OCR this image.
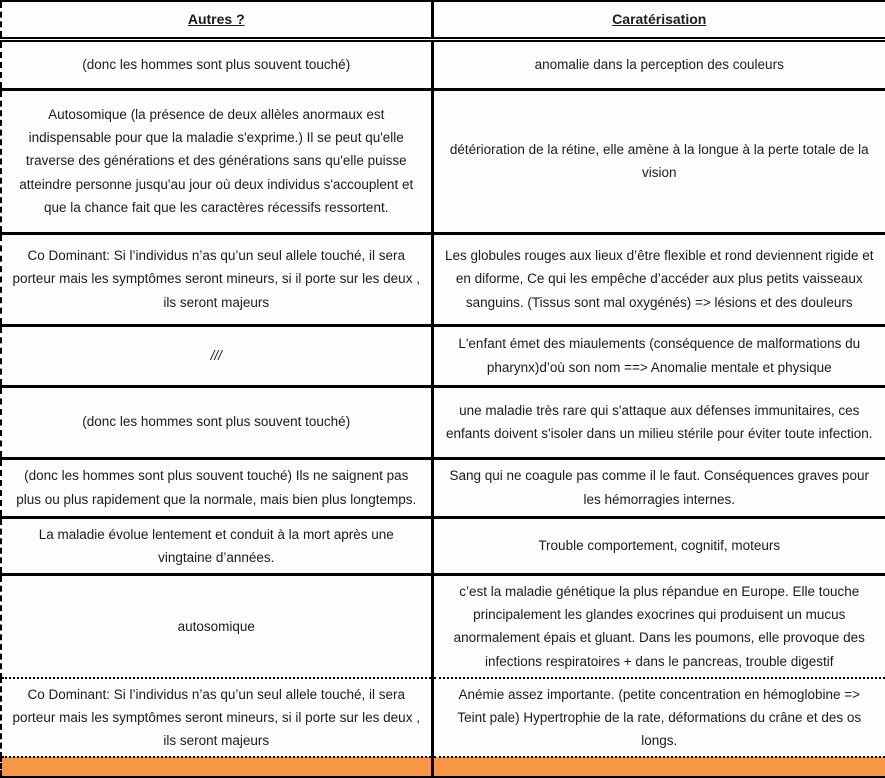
Autres ?	Caratérisation
(donc les hommes sont plus souvent touché)	anomalie dans la perception des couleurs
Autosomique (la présence de deux allèles anormaux est indispensable pour que la maladie s'exprime.) Il se peut qu'elle traverse des générations et des générations sans qu'elle puisse atteindre personne jusqu'au jour où deux individus s'accouplent et que la chance fait que les caractères récessifs ressortent.	détérioration de la rétine, elle amène à la longue à la perte totale de la vision
Co Dominant: Si l’individus n’as qu’un seul allele touché, il sera porteur mais les symptômes seront mineurs, si il porte sur les deux , ils seront majeurs	Les globules rouges aux lieux d’être flexible et rond deviennent rigide et en diforme, Ce qui les empêche d’accéder aux plus petits vaisseaux sanguins. (Tissus sont mal oxygénés) => lésions et des douleurs
///	L'enfant émet des miaulements (conséquence de malformations du pharynx)d’où son nom ==> Anomalie mentale et physique
(donc les hommes sont plus souvent touché)	une maladie très rare qui s'attaque aux défenses immunitaires, ces enfants doivent s'isoler dans un milieu stérile pour éviter toute infection.
(donc les hommes sont plus souvent touché) Ils ne saignent pas plus ou plus rapidement que la normale, mais bien plus longtemps.	Sang qui ne coagule pas comme il le faut. Conséquences graves pour les hémorragies internes.
La maladie évolue lentement et conduit à la mort après une vingtaine d’années.	Trouble comportement, cognitif, moteurs
autosomique	c’est la maladie génétique la plus répandue en Europe. Elle touche principalement les glandes exocrines qui produisent un mucus anormalement épais et gluant. Dans les poumons, elle provoque des infections respiratoires + dans le pancreas, trouble digestif
Co Dominant: Si l’individus n’as qu’un seul allele touché, il sera porteur mais les symptômes seront mineurs, si il porte sur les deux , ils seront majeurs	Anémie assez importante. (petite concentration en hémoglobine => Teint pale) Hypertrophie de la rate, déformations du crâne et des os longs.
